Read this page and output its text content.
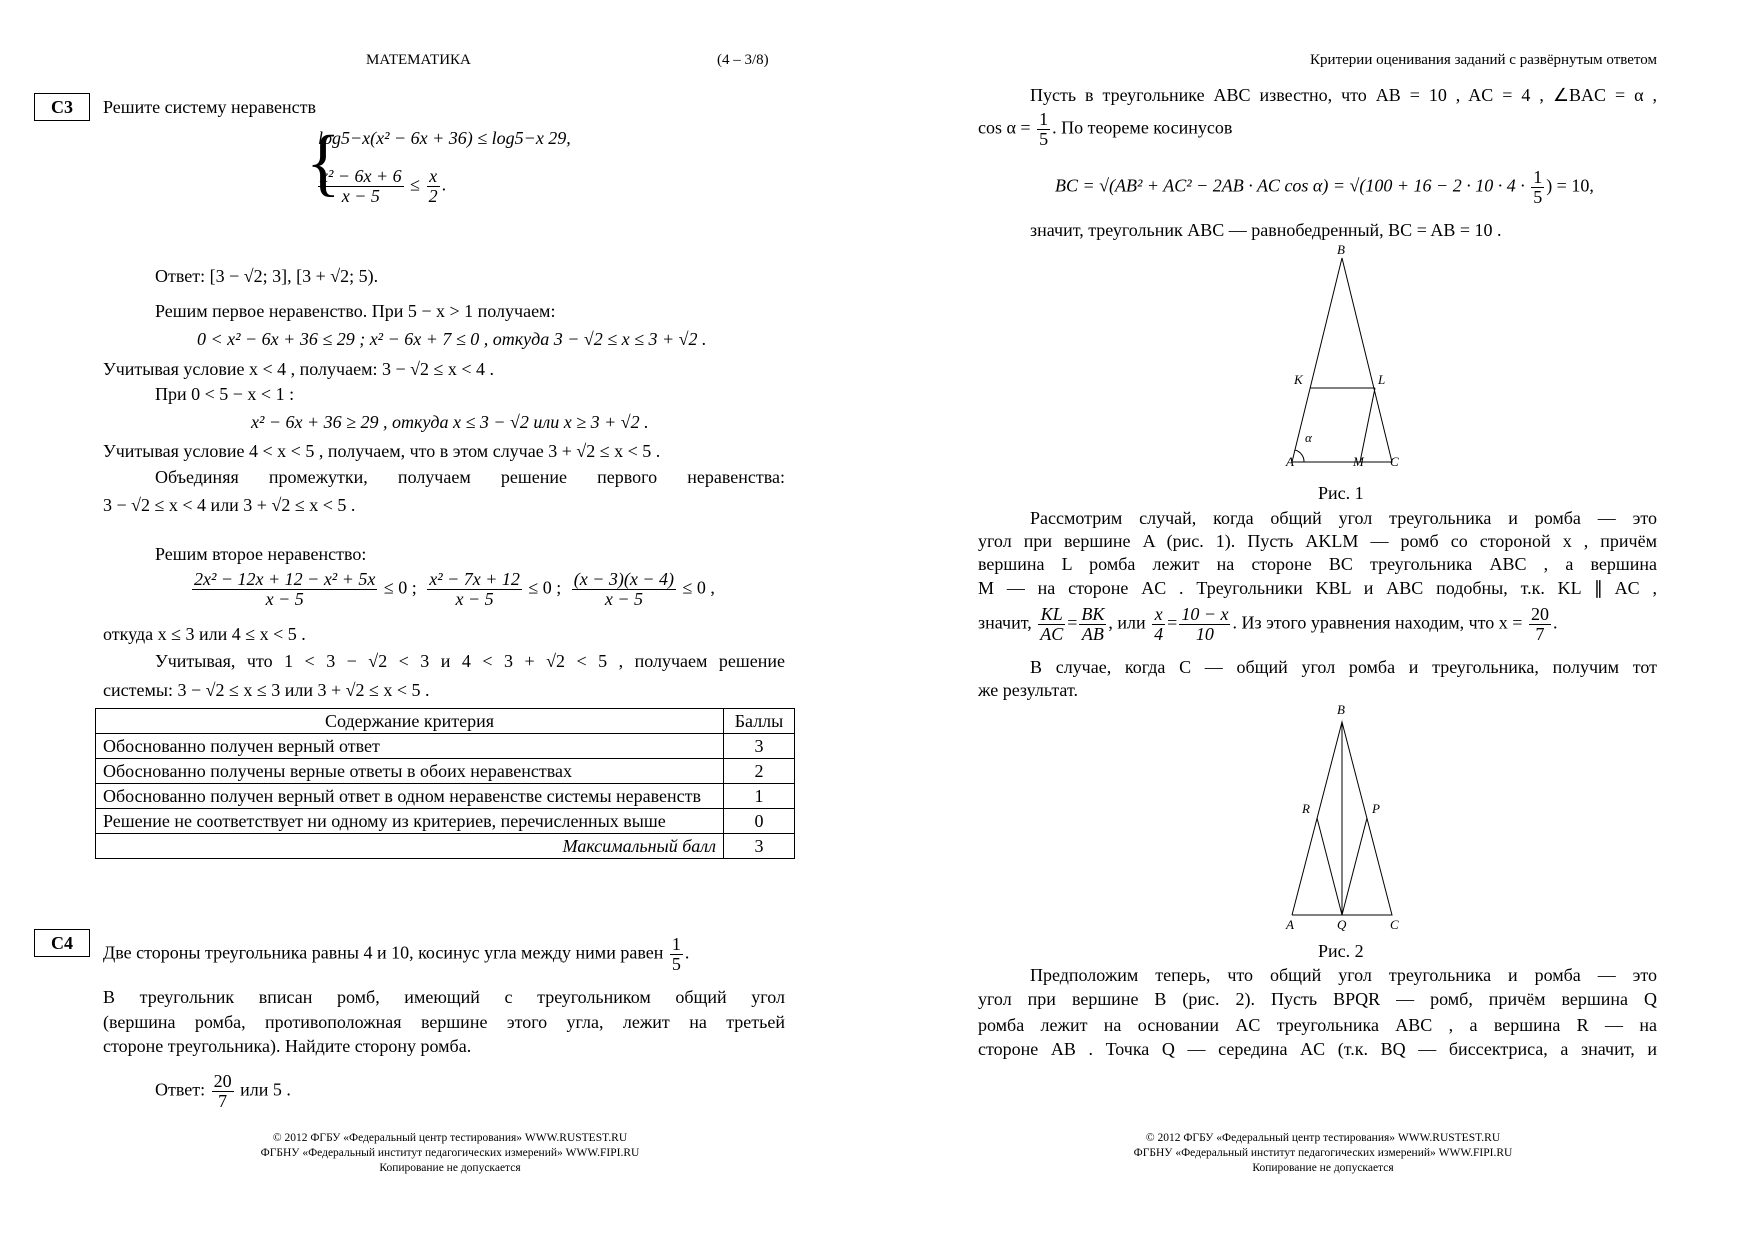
МАТЕМАТИКА	(4 – 3/8)
С3	Решите систему неравенств
{
log5−x(x² − 6x + 36) ≤ log5−x 29,
$\frac{\text{x² − 6x + 6}}{x - 5} \le \frac{x}{2}$ .
Ответ: [3 − √2; 3], [3 + √2; 5).
Решим первое неравенство. При 5 − x > 1 получаем:
0 < x² − 6x + 36 ≤ 29 ; x² − 6x + 7 ≤ 0 , откуда 3 − √2 ≤ x ≤ 3 + √2 .
Учитывая условие x < 4 , получаем: 3 − √2 ≤ x < 4 .
При 0 < 5 − x < 1 :
x² − 6x + 36 ≥ 29 , откуда x ≤ 3 − √2 или x ≥ 3 + √2 .
Учитывая условие 4 < x < 5 , получаем, что в этом случае 3 + √2 ≤ x < 5 .
Объединяя промежутки, получаем решение первого неравенства:
3 − √2 ≤ x < 4 или 3 + √2 ≤ x < 5 .
Решим второе неравенство:
$\frac{\text{2x² − 12x + 12 − x² + 5x}}{x - 5} \le 0$ ; $\frac{\text{x² − 7x + 12}}{x - 5} \le 0$ ; $\frac{(x - 3)(x - 4)}{x - 5} \le 0$ ,
откуда x ≤ 3 или 4 ≤ x < 5 .
Учитывая, что 1 < 3 − √2 < 3 и 4 < 3 + √2 < 5 , получаем решение
системы: 3 − √2 ≤ x ≤ 3 или 3 + √2 ≤ x < 5 .
Содержание критерия	Баллы
Обоснованно получен верный ответ	3
Обоснованно получены верные ответы в обоих неравенствах	2
Обоснованно получен верный ответ в одном неравенстве системы неравенств	1
Решение не соответствует ни одному из критериев, перечисленных выше	0
Максимальный балл	3
С4	Две стороны треугольника равны 4 и 10, косинус угла между ними равен $\frac{1}{5}$ .
В треугольник вписан ромб, имеющий с треугольником общий угол
(вершина ромба, противоположная вершине этого угла, лежит на третьей
стороне треугольника). Найдите сторону ромба.
Ответ: $\frac{20}{7}$ или 5 .
© 2012 ФГБУ «Федеральный центр тестирования» WWW.RUSTEST.RU
ФГБНУ «Федеральный институт педагогических измерений» WWW.FIPI.RU
Копирование не допускается
Критерии оценивания заданий с развёрнутым ответом
Пусть в треугольнике ABC известно, что AB = 10 , AC = 4 , ∠BAC = α ,
$\cos \alpha = \frac{1}{5}$ . По теореме косинусов
BC = √(AB² + AC² − 2AB · AC $\cos \alpha) = √(100 + 16 - 2 \cdot 10 \cdot 4 \cdot \frac{1}{5}$ ) = 10,
значит, треугольник ABC — равнобедренный, BC = AB = 10 .
B
K	L
α
A	M C
Рис. 1
Рассмотрим случай, когда общий угол треугольника и ромба — это
угол при вершине A (рис. 1). Пусть AKLM — ромб со стороной x , причём
вершина L ромба лежит на стороне BC треугольника ABC , а вершина
M — на стороне AC . Треугольники KBL и ABC подобны, т.к. KL ∥ AC ,
значит, $\frac{KL}{AC} = \frac{BK}{AB}$ , или $\frac{x}{4} = \frac{10 - x}{10}$ . Из этого уравнения находим, что $x = \frac{20}{7}$ .
В случае, когда C — общий угол ромба и треугольника, получим тот
же результат.
B
R	P
A	Q	C
Рис. 2
Предположим теперь, что общий угол треугольника и ромба — это
угол при вершине B (рис. 2). Пусть BPQR — ромб, причём вершина Q
ромба лежит на основании AC треугольника ABC , а вершина R — на
стороне AB . Точка Q — середина AC (т.к. BQ — биссектриса, а значит, и
© 2012 ФГБУ «Федеральный центр тестирования» WWW.RUSTEST.RU
ФГБНУ «Федеральный институт педагогических измерений» WWW.FIPI.RU
Копирование не допускается
